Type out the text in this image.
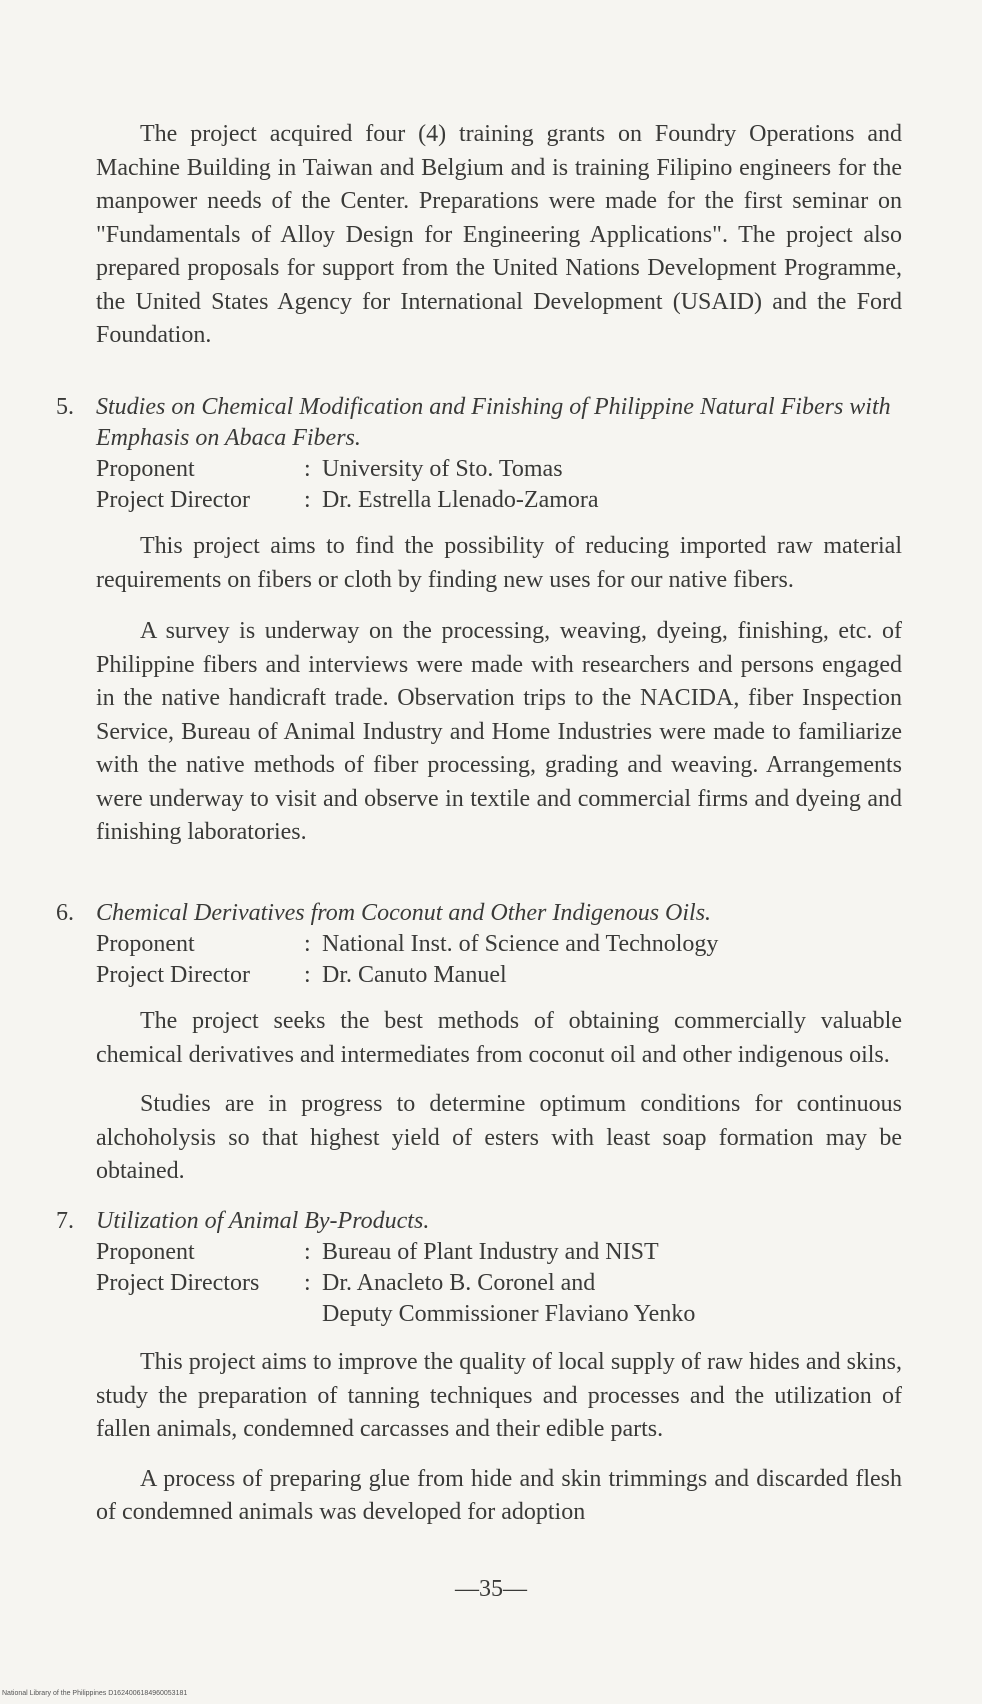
The project acquired four (4) training grants on Foundry Operations and Machine Building in Taiwan and Belgium and is training Filipino engineers for the manpower needs of the Center. Preparations were made for the first seminar on "Fundamentals of Alloy Design for Engineering Applications". The project also prepared proposals for support from the United Nations Development Programme, the United States Agency for International Development (USAID) and the Ford Foundation.

5. Studies on Chemical Modification and Finishing of Philippine Natural Fibers with Emphasis on Abaca Fibers.
Proponent	: University of Sto. Tomas
Project Director	: Dr. Estrella Llenado-Zamora

This project aims to find the possibility of reducing imported raw material requirements on fibers or cloth by finding new uses for our native fibers.

A survey is underway on the processing, weaving, dyeing, finishing, etc. of Philippine fibers and interviews were made with researchers and persons engaged in the native handicraft trade. Observation trips to the NACIDA, fiber Inspection Service, Bureau of Animal Industry and Home Industries were made to familiarize with the native methods of fiber processing, grading and weaving. Arrangements were underway to visit and observe in textile and commercial firms and dyeing and finishing laboratories.

6. Chemical Derivatives from Coconut and Other Indigenous Oils.
Proponent	: National Inst. of Science and Technology
Project Director	: Dr. Canuto Manuel

The project seeks the best methods of obtaining commercially valuable chemical derivatives and intermediates from coconut oil and other indigenous oils.

Studies are in progress to determine optimum conditions for continuous alchoholysis so that highest yield of esters with least soap formation may be obtained.

7. Utilization of Animal By-Products.
Proponent	: Bureau of Plant Industry and NIST
Project Directors	: Dr. Anacleto B. Coronel and
Deputy Commissioner Flaviano Yenko

This project aims to improve the quality of local supply of raw hides and skins, study the preparation of tanning techniques and processes and the utilization of fallen animals, condemned carcasses and their edible parts.

A process of preparing glue from hide and skin trimmings and discarded flesh of condemned animals was developed for adoption

—35—
National Library of the Philippines D1624006184960053181
